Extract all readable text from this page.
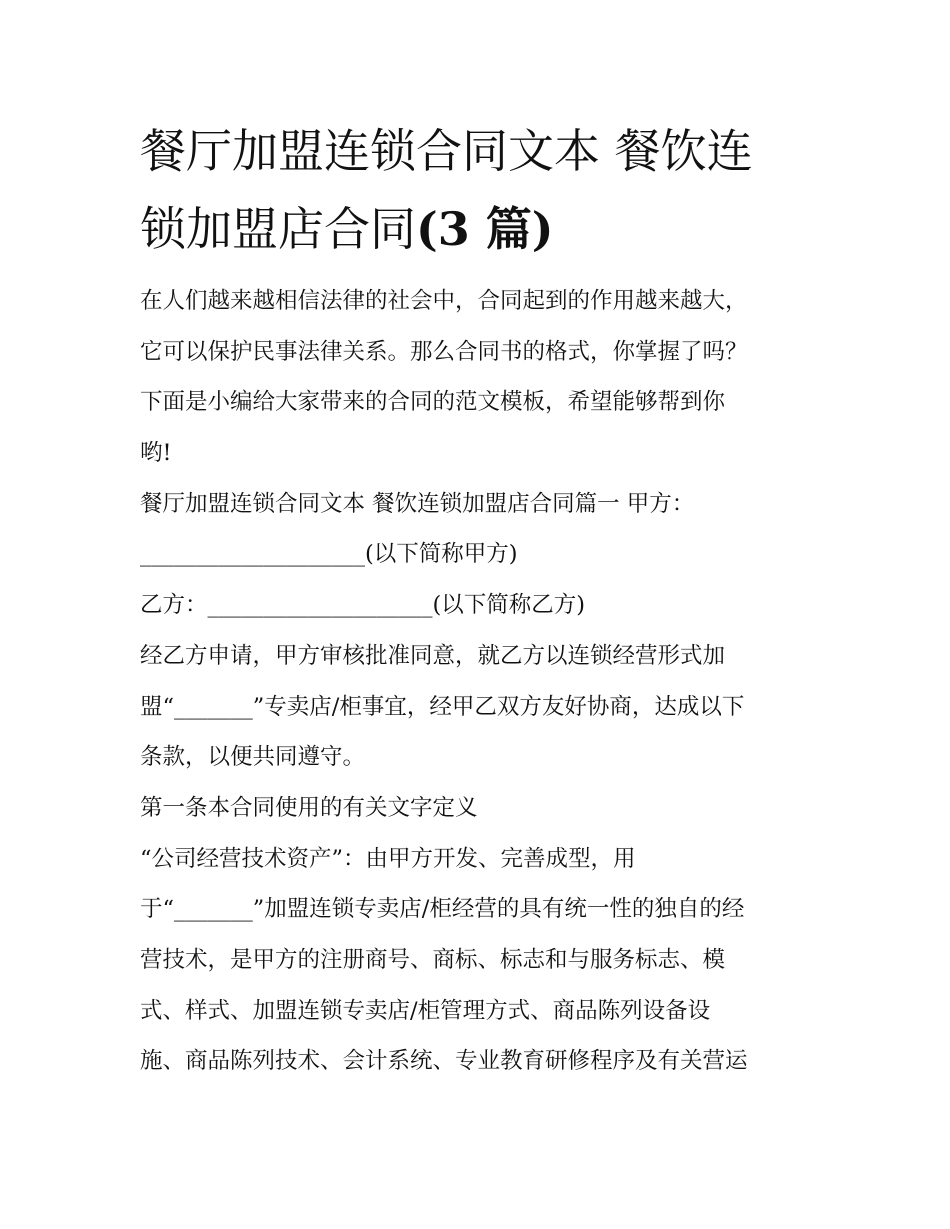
餐厅加盟连锁合同文本 餐饮连
锁加盟店合同(3 篇)
在人们越来越相信法律的社会中，合同起到的作用越来越大，
它可以保护民事法律关系。那么合同书的格式，你掌握了吗？
下面是小编给大家带来的合同的范文模板，希望能够帮到你
哟!
餐厅加盟连锁合同文本 餐饮连锁加盟店合同篇一 甲方：
____________________(以下简称甲方)
乙方：____________________(以下简称乙方)
经乙方申请，甲方审核批准同意，就乙方以连锁经营形式加
盟“_______”专卖店/柜事宜，经甲乙双方友好协商，达成以下
条款，以便共同遵守。
第一条本合同使用的有关文字定义
“公司经营技术资产”：由甲方开发、完善成型，用
于“_______”加盟连锁专卖店/柜经营的具有统一性的独自的经
营技术，是甲方的注册商号、商标、标志和与服务标志、模
式、样式、加盟连锁专卖店/柜管理方式、商品陈列设备设
施、商品陈列技术、会计系统、专业教育研修程序及有关营运
